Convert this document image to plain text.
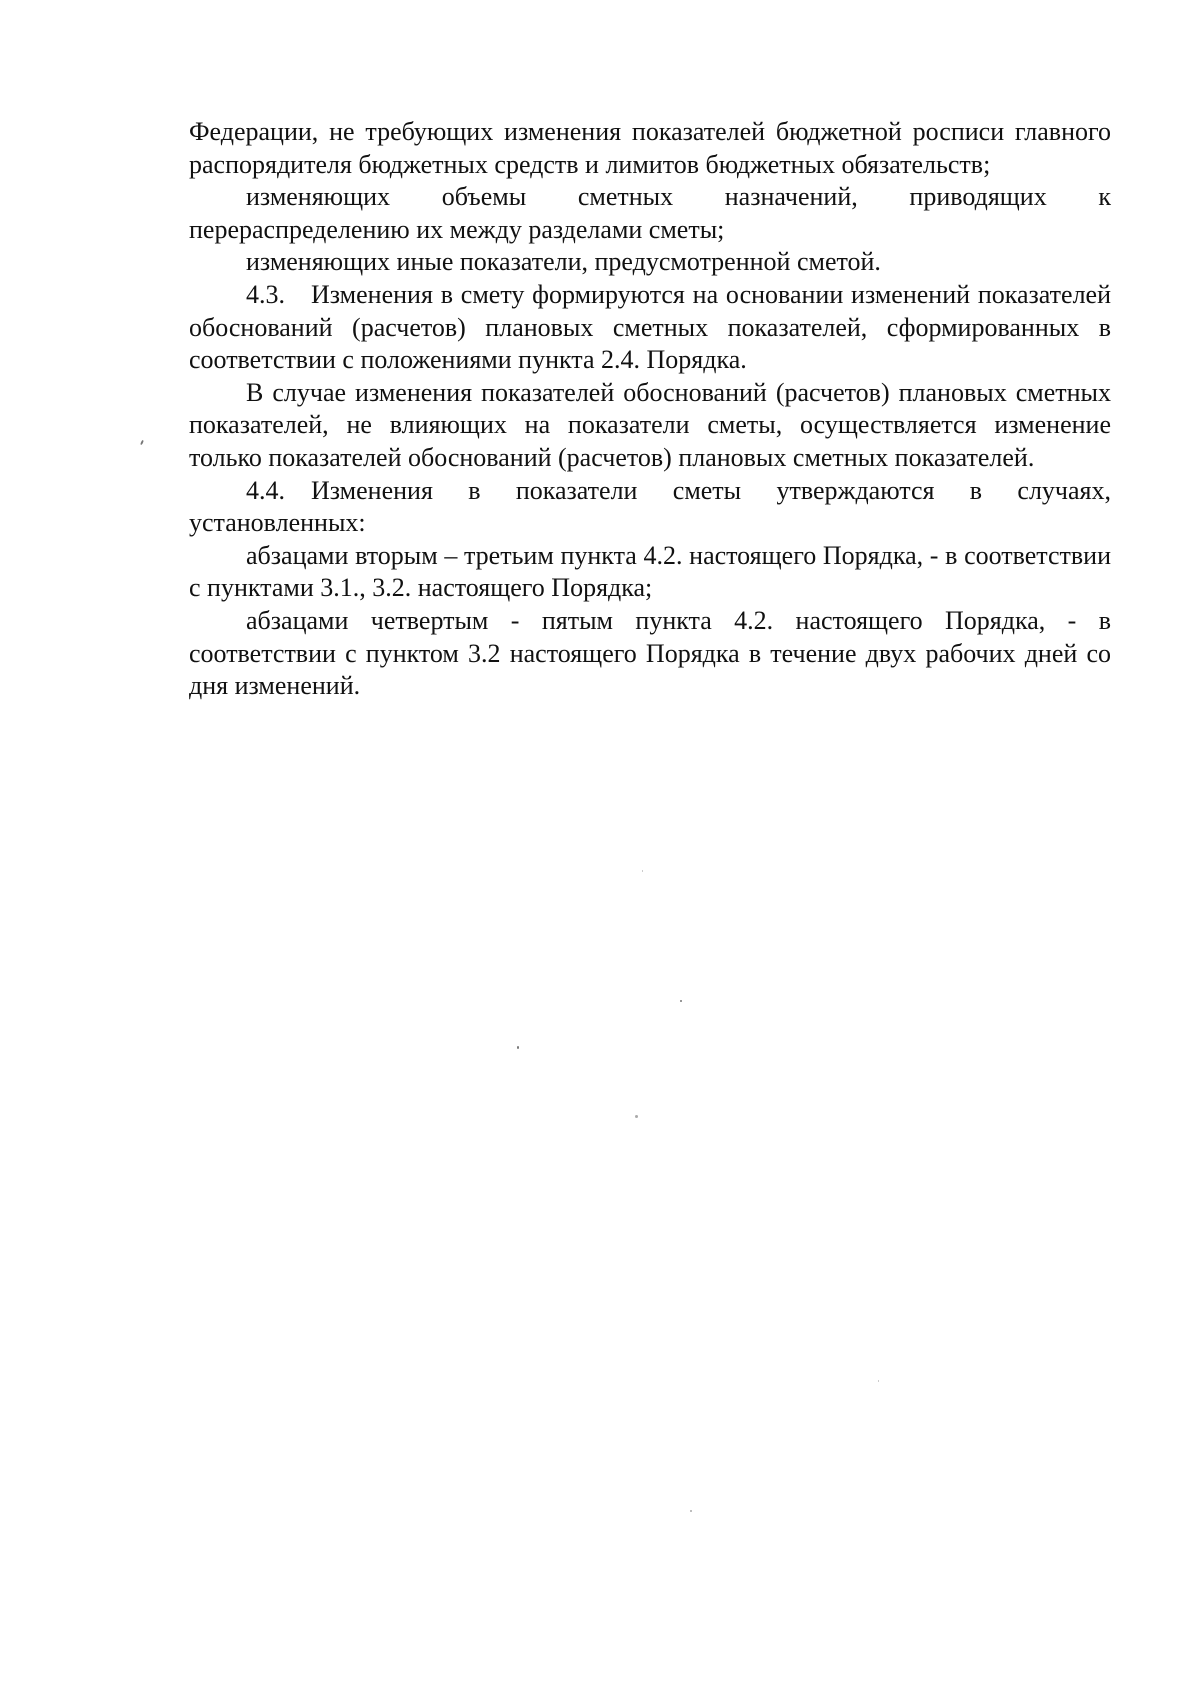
Федерации, не требующих изменения показателей бюджетной росписи главного распорядителя бюджетных средств и лимитов бюджетных обязательств;

изменяющих объемы сметных назначений, приводящих к перераспределению их между разделами сметы;

изменяющих иные показатели, предусмотренной сметой.

4.3. Изменения в смету формируются на основании изменений показателей обоснований (расчетов) плановых сметных показателей, сформированных в соответствии с положениями пункта 2.4. Порядка.

В случае изменения показателей обоснований (расчетов) плановых сметных показателей, не влияющих на показатели сметы, осуществляется изменение только показателей обоснований (расчетов) плановых сметных показателей.

4.4. Изменения в показатели сметы утверждаются в случаях, установленных:

абзацами вторым – третьим пункта 4.2. настоящего Порядка, - в соответствии с пунктами 3.1., 3.2. настоящего Порядка;

абзацами четвертым - пятым пункта 4.2. настоящего Порядка, - в соответствии с пунктом 3.2 настоящего Порядка в течение двух рабочих дней со дня изменений.
